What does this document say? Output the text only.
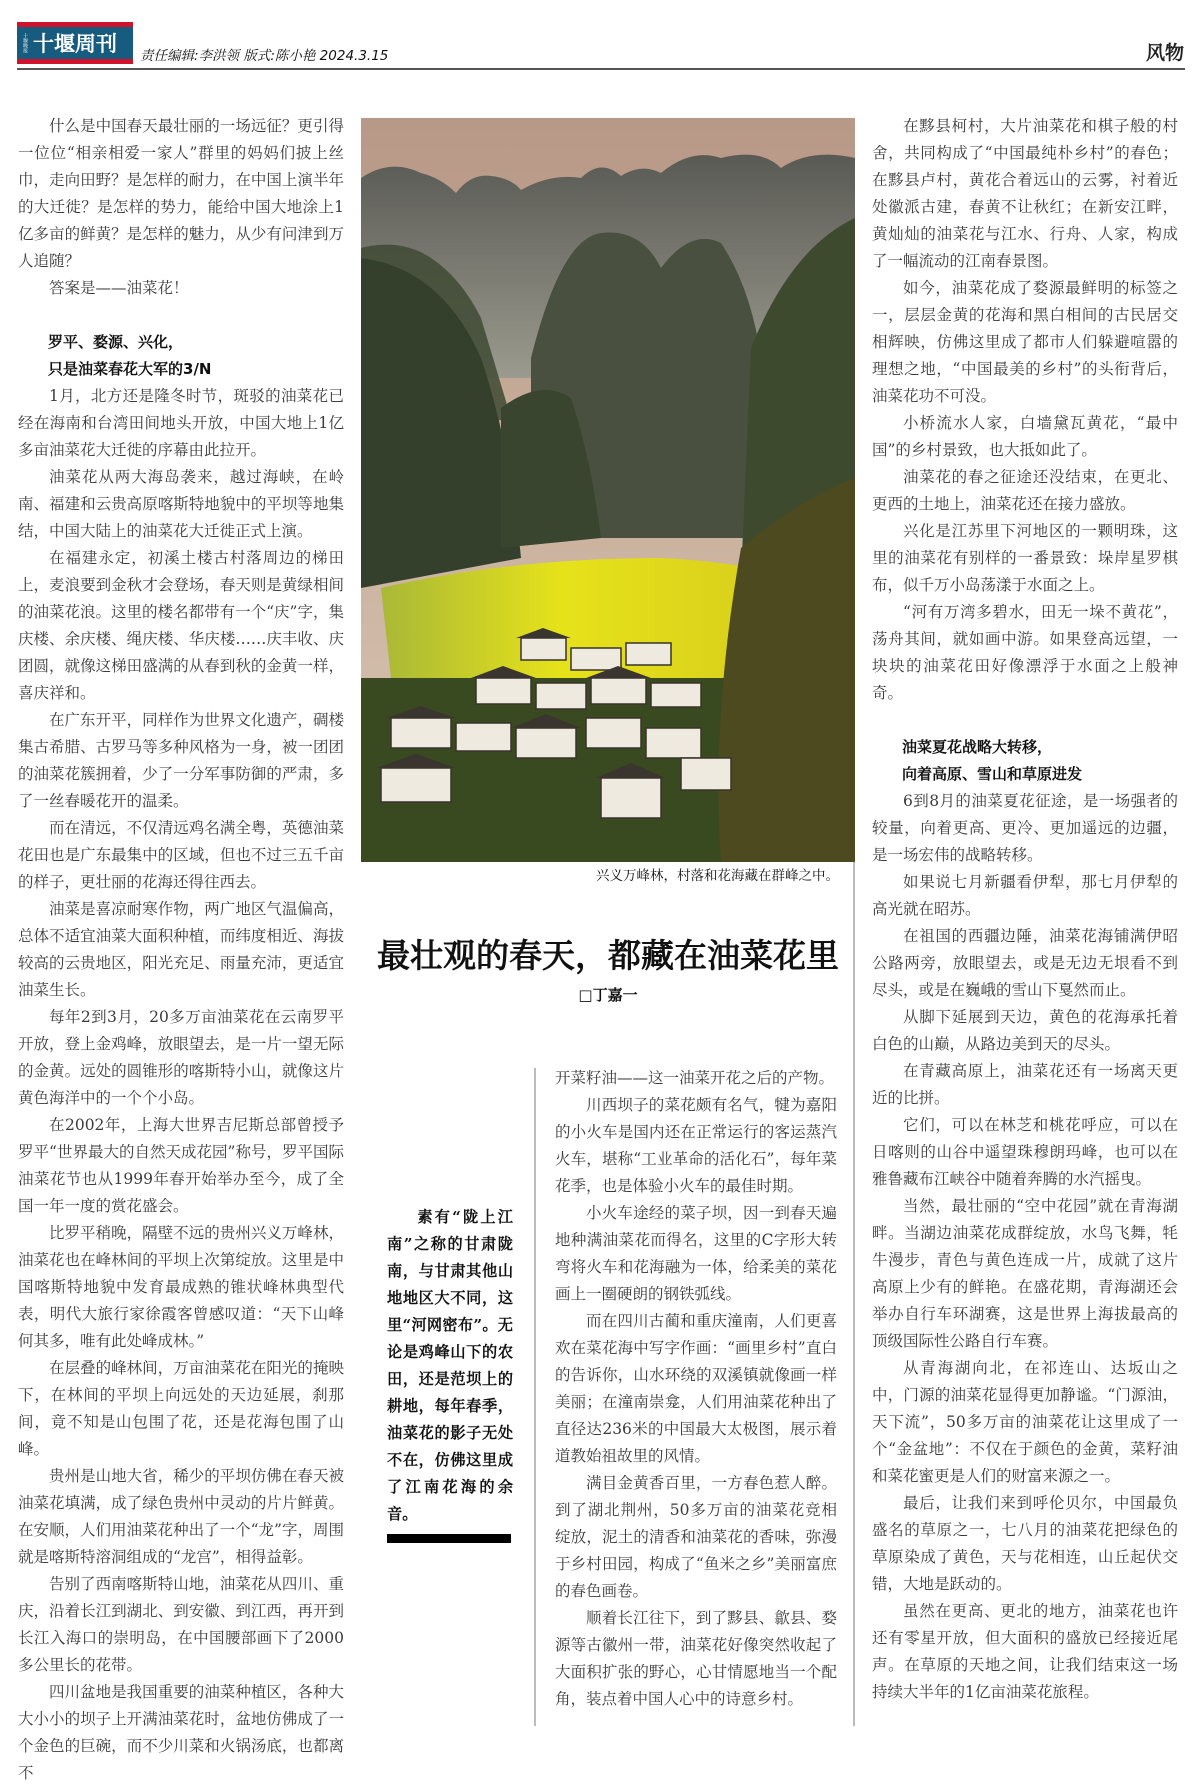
十堰晚报 十堰周刊 责任编辑:李洪领 版式:陈小艳 2024.3.15	风物

什么是中国春天最壮丽的一场远征？更引得一位位“相亲相爱一家人”群里的妈妈们披上丝巾，走向田野？是怎样的耐力，在中国上演半年的大迁徙？是怎样的势力，能给中国大地涂上1亿多亩的鲜黄？是怎样的魅力，从少有问津到万人追随？

答案是——油菜花！

罗平、婺源、兴化，
只是油菜春花大军的3/N

1月，北方还是隆冬时节，斑驳的油菜花已经在海南和台湾田间地头开放，中国大地上1亿多亩油菜花大迁徙的序幕由此拉开。

油菜花从两大海岛袭来，越过海峡，在岭南、福建和云贵高原喀斯特地貌中的平坝等地集结，中国大陆上的油菜花大迁徙正式上演。

在福建永定，初溪土楼古村落周边的梯田上，麦浪要到金秋才会登场，春天则是黄绿相间的油菜花浪。这里的楼名都带有一个“庆”字，集庆楼、余庆楼、绳庆楼、华庆楼……庆丰收、庆团圆，就像这梯田盛满的从春到秋的金黄一样，喜庆祥和。

在广东开平，同样作为世界文化遗产，碉楼集古希腊、古罗马等多种风格为一身，被一团团的油菜花簇拥着，少了一分军事防御的严肃，多了一丝春暖花开的温柔。

而在清远，不仅清远鸡名满全粤，英德油菜花田也是广东最集中的区域，但也不过三五千亩的样子，更壮丽的花海还得往西去。

油菜是喜凉耐寒作物，两广地区气温偏高，总体不适宜油菜大面积种植，而纬度相近、海拔较高的云贵地区，阳光充足、雨量充沛，更适宜油菜生长。

每年2到3月，20多万亩油菜花在云南罗平开放，登上金鸡峰，放眼望去，是一片一望无际的金黄。远处的圆锥形的喀斯特小山，就像这片黄色海洋中的一个个小岛。

在2002年，上海大世界吉尼斯总部曾授予罗平“世界最大的自然天成花园”称号，罗平国际油菜花节也从1999年春开始举办至今，成了全国一年一度的赏花盛会。

比罗平稍晚，隔壁不远的贵州兴义万峰林，油菜花也在峰林间的平坝上次第绽放。这里是中国喀斯特地貌中发育最成熟的锥状峰林典型代表，明代大旅行家徐霞客曾感叹道：“天下山峰何其多，唯有此处峰成林。”

在层叠的峰林间，万亩油菜花在阳光的掩映下，在林间的平坝上向远处的天边延展，刹那间，竟不知是山包围了花，还是花海包围了山峰。

贵州是山地大省，稀少的平坝仿佛在春天被油菜花填满，成了绿色贵州中灵动的片片鲜黄。在安顺，人们用油菜花种出了一个“龙”字，周围就是喀斯特溶洞组成的“龙宫”，相得益彰。

告别了西南喀斯特山地，油菜花从四川、重庆，沿着长江到湖北、到安徽、到江西，再开到长江入海口的崇明岛，在中国腰部画下了2000多公里长的花带。

四川盆地是我国重要的油菜种植区，各种大大小小的坝子上开满油菜花时，盆地仿佛成了一个金色的巨碗，而不少川菜和火锅汤底，也都离不

兴义万峰林，村落和花海藏在群峰之中。
最壮观的春天，都藏在油菜花里
□丁嘉一
素有“陇上江南”之称的甘肃陇南，与甘肃其他山地地区大不同，这里“河网密布”。无论是鸡峰山下的农田，还是范坝上的耕地，每年春季，油菜花的影子无处不在，仿佛这里成了江南花海的余音。

开菜籽油——这一油菜开花之后的产物。

川西坝子的菜花颇有名气，犍为嘉阳的小火车是国内还在正常运行的客运蒸汽火车，堪称“工业革命的活化石”，每年菜花季，也是体验小火车的最佳时期。

小火车途经的菜子坝，因一到春天遍地种满油菜花而得名，这里的C字形大转弯将火车和花海融为一体，给柔美的菜花画上一圈硬朗的钢铁弧线。

而在四川古蔺和重庆潼南，人们更喜欢在菜花海中写字作画：“画里乡村”直白的告诉你，山水环绕的双溪镇就像画一样美丽；在潼南崇龛，人们用油菜花种出了直径达236米的中国最大太极图，展示着道教始祖故里的风情。

满目金黄香百里，一方春色惹人醉。到了湖北荆州，50多万亩的油菜花竞相绽放，泥土的清香和油菜花的香味，弥漫于乡村田园，构成了“鱼米之乡”美丽富庶的春色画卷。

顺着长江往下，到了黟县、歙县、婺源等古徽州一带，油菜花好像突然收起了大面积扩张的野心，心甘情愿地当一个配角，装点着中国人心中的诗意乡村。

在黟县柯村，大片油菜花和棋子般的村舍，共同构成了“中国最纯朴乡村”的春色；在黟县卢村，黄花合着远山的云雾，衬着近处徽派古建，春黄不让秋红；在新安江畔，黄灿灿的油菜花与江水、行舟、人家，构成了一幅流动的江南春景图。

如今，油菜花成了婺源最鲜明的标签之一，层层金黄的花海和黑白相间的古民居交相辉映，仿佛这里成了都市人们躲避喧嚣的理想之地，“中国最美的乡村”的头衔背后，油菜花功不可没。

小桥流水人家，白墙黛瓦黄花，“最中国”的乡村景致，也大抵如此了。

油菜花的春之征途还没结束，在更北、更西的土地上，油菜花还在接力盛放。

兴化是江苏里下河地区的一颗明珠，这里的油菜花有别样的一番景致：垛岸星罗棋布，似千万小岛荡漾于水面之上。

“河有万湾多碧水，田无一垛不黄花”，荡舟其间，就如画中游。如果登高远望，一块块的油菜花田好像漂浮于水面之上般神奇。

油菜夏花战略大转移，
向着高原、雪山和草原进发

6到8月的油菜夏花征途，是一场强者的较量，向着更高、更冷、更加遥远的边疆，是一场宏伟的战略转移。

如果说七月新疆看伊犁，那七月伊犁的高光就在昭苏。

在祖国的西疆边陲，油菜花海铺满伊昭公路两旁，放眼望去，或是无边无垠看不到尽头，或是在巍峨的雪山下戛然而止。

从脚下延展到天边，黄色的花海承托着白色的山巅，从路边美到天的尽头。

在青藏高原上，油菜花还有一场离天更近的比拼。

它们，可以在林芝和桃花呼应，可以在日喀则的山谷中遥望珠穆朗玛峰，也可以在雅鲁藏布江峡谷中随着奔腾的水汽摇曳。

当然，最壮丽的“空中花园”就在青海湖畔。当湖边油菜花成群绽放，水鸟飞舞，牦牛漫步，青色与黄色连成一片，成就了这片高原上少有的鲜艳。在盛花期，青海湖还会举办自行车环湖赛，这是世界上海拔最高的顶级国际性公路自行车赛。

从青海湖向北，在祁连山、达坂山之中，门源的油菜花显得更加静谧。“门源油，天下流”，50多万亩的油菜花让这里成了一个“金盆地”：不仅在于颜色的金黄，菜籽油和菜花蜜更是人们的财富来源之一。

最后，让我们来到呼伦贝尔，中国最负盛名的草原之一，七八月的油菜花把绿色的草原染成了黄色，天与花相连，山丘起伏交错，大地是跃动的。

虽然在更高、更北的地方，油菜花也许还有零星开放，但大面积的盛放已经接近尾声。在草原的天地之间，让我们结束这一场持续大半年的1亿亩油菜花旅程。
